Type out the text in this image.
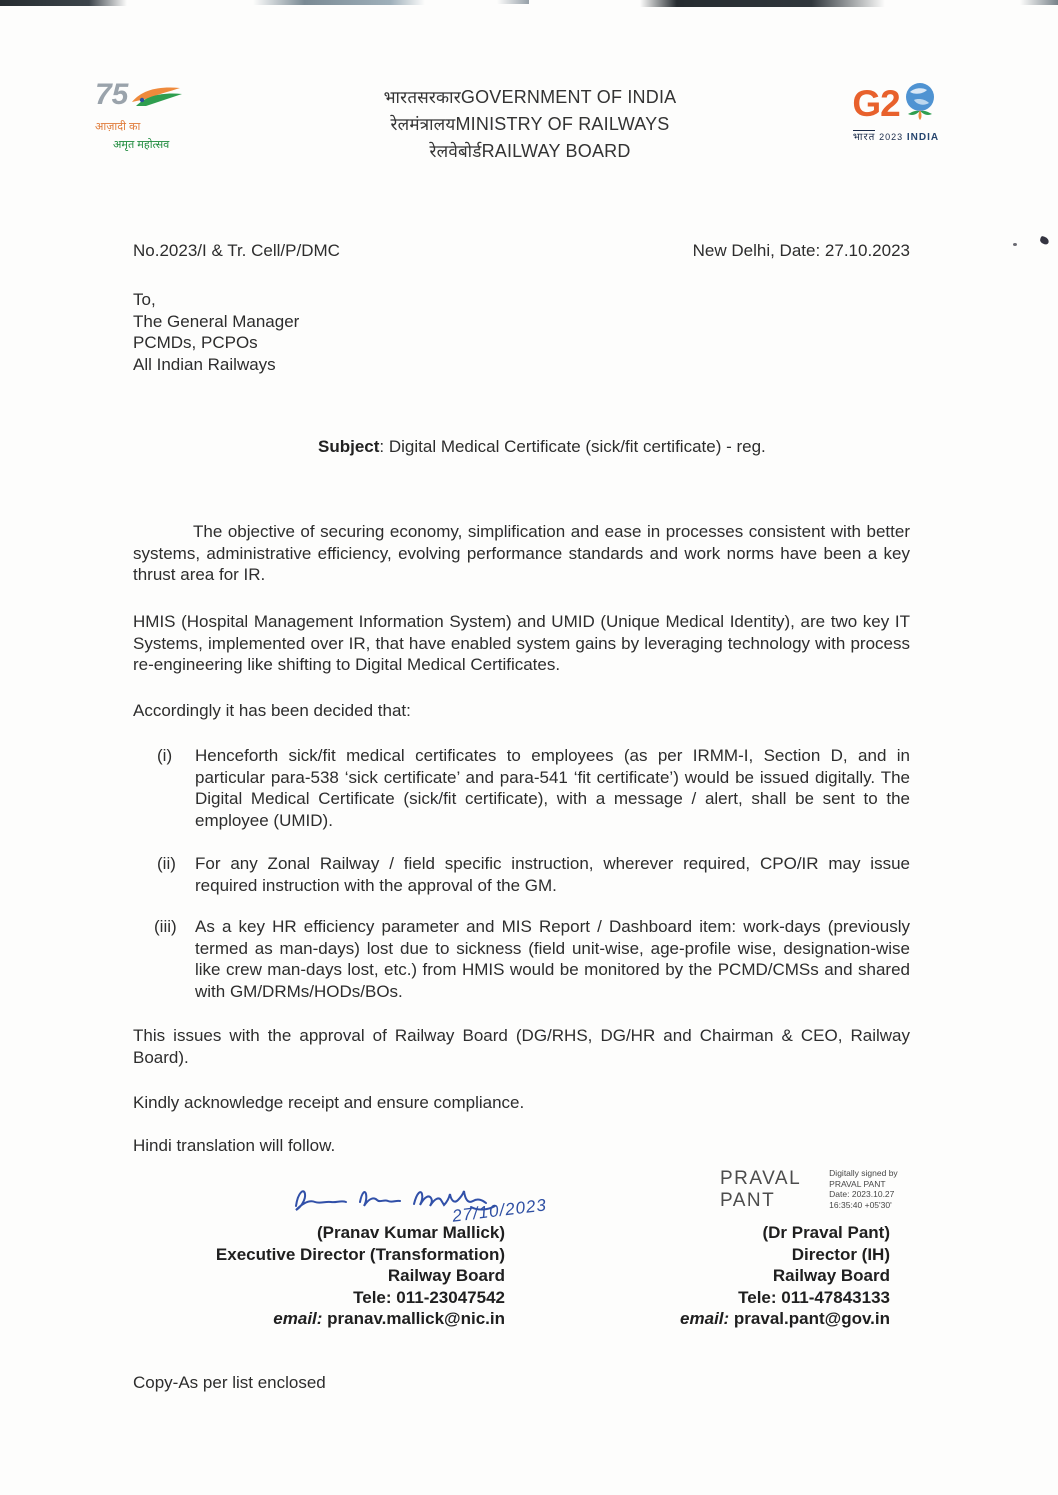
75
आज़ादी का
अमृत महोत्सव
भारतसरकारGOVERNMENT OF INDIA
रेलमंत्रालयMINISTRY OF RAILWAYS
रेलवेबोर्डRAILWAY BOARD
G2
भारत 2023 INDIA
No.2023/I & Tr. Cell/P/DMC	New Delhi, Date: 27.10.2023
To,
The General Manager
PCMDs, PCPOs
All Indian Railways
Subject: Digital Medical Certificate (sick/fit certificate) - reg.
The objective of securing economy, simplification and ease in processes consistent with better systems, administrative efficiency, evolving performance standards and work norms have been a key thrust area for IR.
HMIS (Hospital Management Information System) and UMID (Unique Medical Identity), are two key IT Systems, implemented over IR, that have enabled system gains by leveraging technology with process re-engineering like shifting to Digital Medical Certificates.
Accordingly it has been decided that:
(i) Henceforth sick/fit medical certificates to employees (as per IRMM-I, Section D, and in particular para-538 ‘sick certificate’ and para-541 ‘fit certificate’) would be issued digitally. The Digital Medical Certificate (sick/fit certificate), with a message / alert, shall be sent to the employee (UMID).
(ii) For any Zonal Railway / field specific instruction, wherever required, CPO/IR may issue required instruction with the approval of the GM.
(iii) As a key HR efficiency parameter and MIS Report / Dashboard item: work-days (previously termed as man-days) lost due to sickness (field unit-wise, age-profile wise, designation-wise like crew man-days lost, etc.) from HMIS would be monitored by the PCMD/CMSs and shared with GM/DRMs/HODs/BOs.
This issues with the approval of Railway Board (DG/RHS, DG/HR and Chairman & CEO, Railway Board).
Kindly acknowledge receipt and ensure compliance.
Hindi translation will follow.
27/10/2023
(Pranav Kumar Mallick)
Executive Director (Transformation)
Railway Board
Tele: 011-23047542
email: pranav.mallick@nic.in
PRAVAL
PANT
Digitally signed by
PRAVAL PANT
Date: 2023.10.27
16:35:40 +05'30'
(Dr Praval Pant)
Director (IH)
Railway Board
Tele: 011-47843133
email: praval.pant@gov.in
Copy-As per list enclosed
